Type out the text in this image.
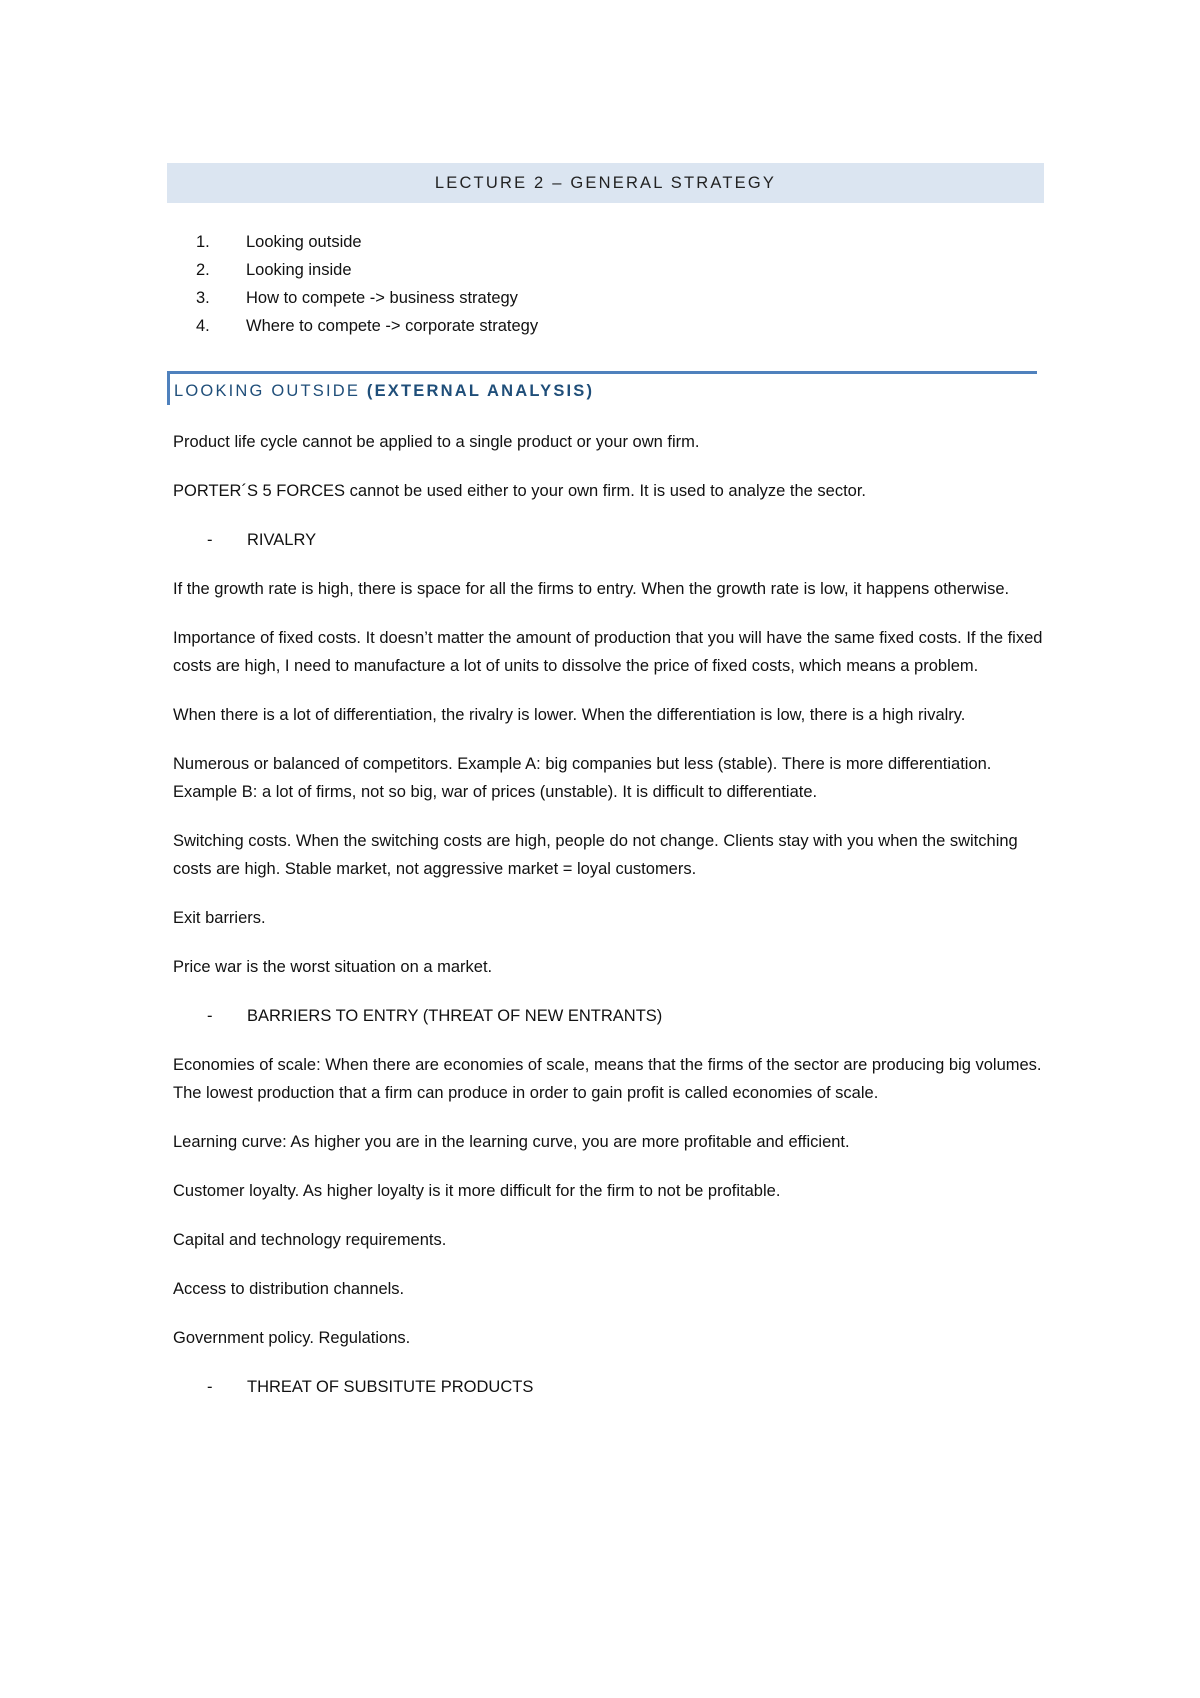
LECTURE 2 – GENERAL STRATEGY
1.	Looking outside
2.	Looking inside
3.	How to compete -> business strategy
4.	Where to compete -> corporate strategy
LOOKING OUTSIDE (EXTERNAL ANALYSIS)

Product life cycle cannot be applied to a single product or your own firm.

PORTER´S 5 FORCES cannot be used either to your own firm. It is used to analyze the sector.

-	RIVALRY

If the growth rate is high, there is space for all the firms to entry. When the growth rate is low, it happens otherwise.

Importance of fixed costs. It doesn’t matter the amount of production that you will have the same fixed costs. If the fixed costs are high, I need to manufacture a lot of units to dissolve the price of fixed costs, which means a problem.

When there is a lot of differentiation, the rivalry is lower. When the differentiation is low, there is a high rivalry.

Numerous or balanced of competitors. Example A: big companies but less (stable). There is more differentiation. Example B: a lot of firms, not so big, war of prices (unstable). It is difficult to differentiate.

Switching costs. When the switching costs are high, people do not change. Clients stay with you when the switching costs are high. Stable market, not aggressive market = loyal customers.

Exit barriers.

Price war is the worst situation on a market.

-	BARRIERS TO ENTRY (THREAT OF NEW ENTRANTS)

Economies of scale: When there are economies of scale, means that the firms of the sector are producing big volumes. The lowest production that a firm can produce in order to gain profit is called economies of scale.

Learning curve: As higher you are in the learning curve, you are more profitable and efficient.

Customer loyalty. As higher loyalty is it more difficult for the firm to not be profitable.

Capital and technology requirements.

Access to distribution channels.

Government policy. Regulations.

-	THREAT OF SUBSITUTE PRODUCTS
